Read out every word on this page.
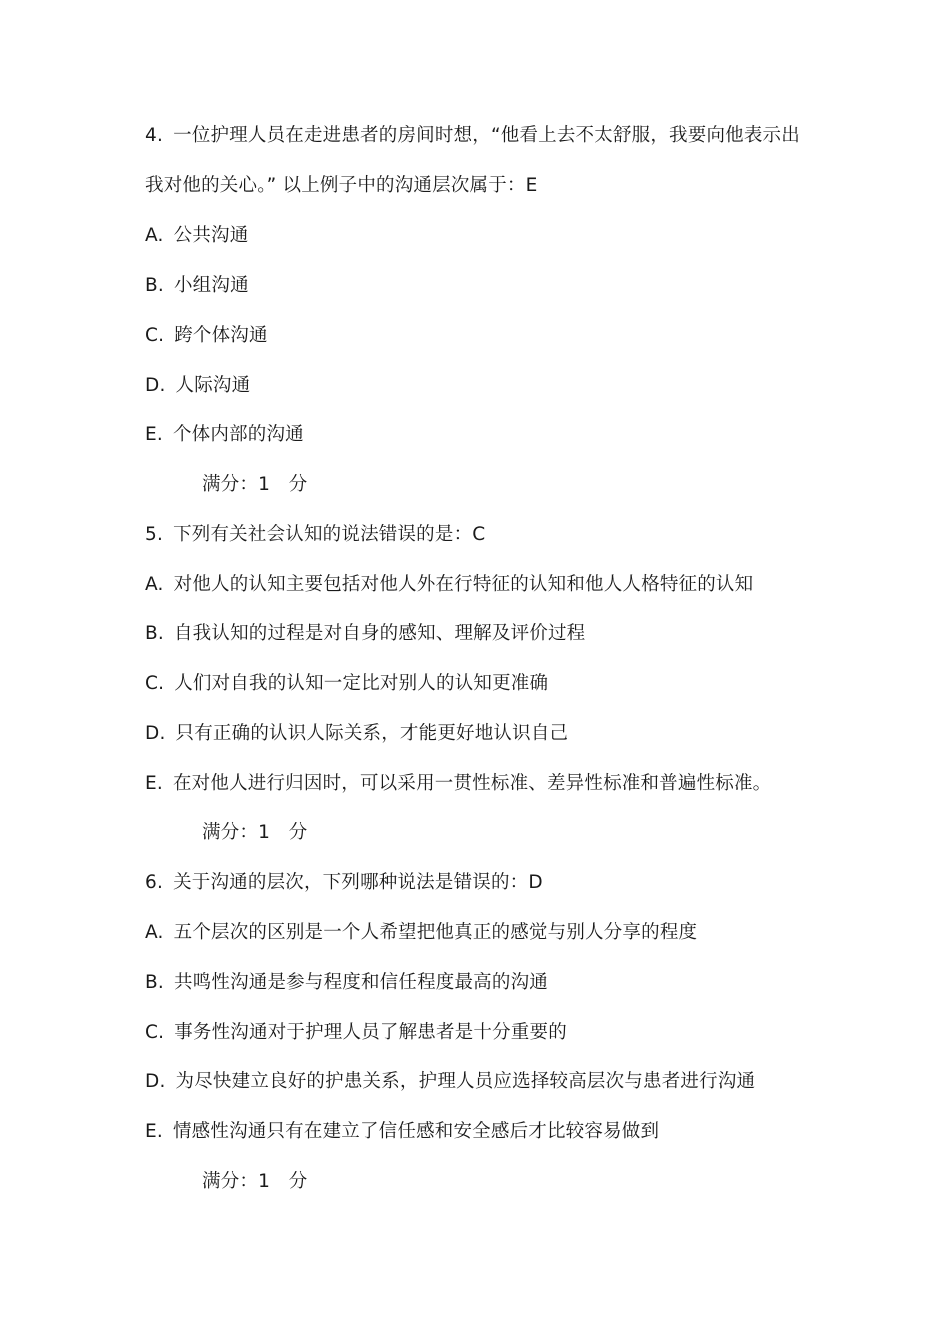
4. 一位护理人员在走进患者的房间时想，“他看上去不太舒服，我要向他表示出
我对他的关心。” 以上例子中的沟通层次属于：E
A. 公共沟通
B. 小组沟通
C. 跨个体沟通
D. 人际沟通
E. 个体内部的沟通
满分：1　分
5. 下列有关社会认知的说法错误的是：C
A. 对他人的认知主要包括对他人外在行特征的认知和他人人格特征的认知
B. 自我认知的过程是对自身的感知、理解及评价过程
C. 人们对自我的认知一定比对别人的认知更准确
D. 只有正确的认识人际关系，才能更好地认识自己
E. 在对他人进行归因时，可以采用一贯性标准、差异性标准和普遍性标准。
满分：1　分
6. 关于沟通的层次，下列哪种说法是错误的：D
A. 五个层次的区别是一个人希望把他真正的感觉与别人分享的程度
B. 共鸣性沟通是参与程度和信任程度最高的沟通
C. 事务性沟通对于护理人员了解患者是十分重要的
D. 为尽快建立良好的护患关系，护理人员应选择较高层次与患者进行沟通
E. 情感性沟通只有在建立了信任感和安全感后才比较容易做到
满分：1　分
